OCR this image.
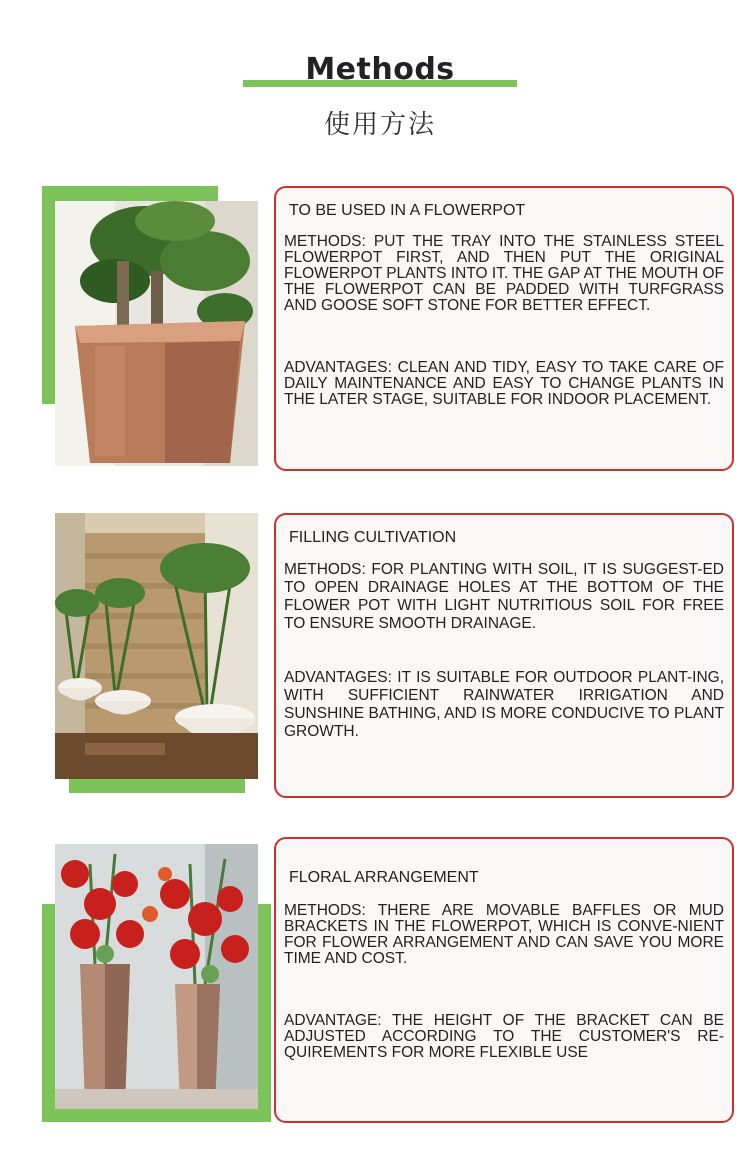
Methods
使用方法
TO BE USED IN A FLOWERPOT
METHODS: PUT THE TRAY INTO THE STAINLESS STEEL FLOWERPOT FIRST, AND THEN PUT THE ORIGINAL FLOWERPOT PLANTS INTO IT. THE GAP AT THE MOUTH OF THE FLOWERPOT CAN BE PADDED WITH TURFGRASS AND GOOSE SOFT STONE FOR BETTER EFFECT.
ADVANTAGES: CLEAN AND TIDY, EASY TO TAKE CARE OF DAILY MAINTENANCE AND EASY TO CHANGE PLANTS IN THE LATER STAGE, SUITABLE FOR INDOOR PLACEMENT.
FILLING CULTIVATION
METHODS: FOR PLANTING WITH SOIL, IT IS SUGGEST-ED TO OPEN DRAINAGE HOLES AT THE BOTTOM OF THE FLOWER POT WITH LIGHT NUTRITIOUS SOIL FOR FREE TO ENSURE SMOOTH DRAINAGE.
ADVANTAGES: IT IS SUITABLE FOR OUTDOOR PLANT-ING, WITH SUFFICIENT RAINWATER IRRIGATION AND SUNSHINE BATHING, AND IS MORE CONDUCIVE TO PLANT GROWTH.
FLORAL ARRANGEMENT
METHODS: THERE ARE MOVABLE BAFFLES OR MUD BRACKETS IN THE FLOWERPOT, WHICH IS CONVE-NIENT FOR FLOWER ARRANGEMENT AND CAN SAVE YOU MORE TIME AND COST.
ADVANTAGE: THE HEIGHT OF THE BRACKET CAN BE ADJUSTED ACCORDING TO THE CUSTOMER'S RE-QUIREMENTS FOR MORE FLEXIBLE USE
